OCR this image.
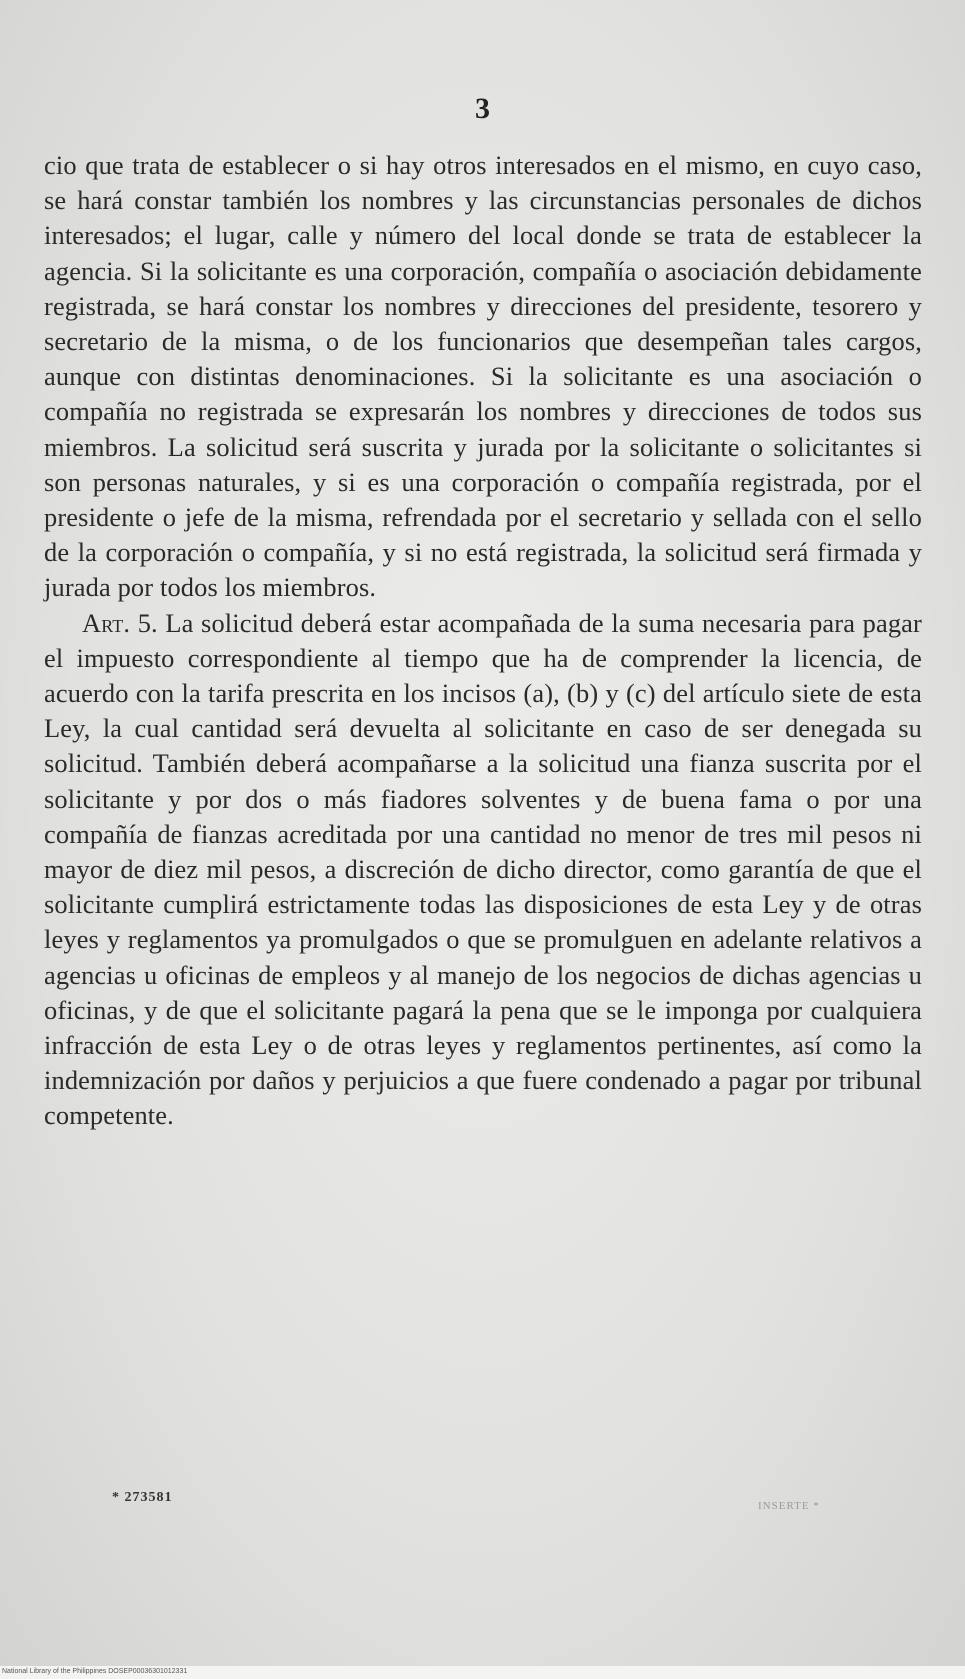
3

cio que trata de establecer o si hay otros interesados en el mismo, en cuyo caso, se hará constar también los nombres y las circunstancias personales de dichos interesados; el lugar, calle y número del local donde se trata de establecer la agencia. Si la solicitante es una corporación, compañía o asociación debidamente registrada, se hará constar los nombres y direcciones del presidente, tesorero y secretario de la misma, o de los funcionarios que desempeñan tales cargos, aunque con distintas denominaciones. Si la solicitante es una asociación o compañía no registrada se expresarán los nombres y direcciones de todos sus miembros. La solicitud será suscrita y jurada por la solicitante o solicitantes si son personas naturales, y si es una corporación o compañía registrada, por el presidente o jefe de la misma, refrendada por el secretario y sellada con el sello de la corporación o compañía, y si no está registrada, la solicitud será firmada y jurada por todos los miembros.

Art. 5. La solicitud deberá estar acompañada de la suma necesaria para pagar el impuesto correspondiente al tiempo que ha de comprender la licencia, de acuerdo con la tarifa prescrita en los incisos (a), (b) y (c) del artículo siete de esta Ley, la cual cantidad será devuelta al solicitante en caso de ser denegada su solicitud. También deberá acompañarse a la solicitud una fianza suscrita por el solicitante y por dos o más fiadores solventes y de buena fama o por una compañía de fianzas acreditada por una cantidad no menor de tres mil pesos ni mayor de diez mil pesos, a discreción de dicho director, como garantía de que el solicitante cumplirá estrictamente todas las disposiciones de esta Ley y de otras leyes y reglamentos ya promulgados o que se promulguen en adelante relativos a agencias u oficinas de empleos y al manejo de los negocios de dichas agencias u oficinas, y de que el solicitante pagará la pena que se le imponga por cualquiera infracción de esta Ley o de otras leyes y reglamentos pertinentes, así como la indemnización por daños y perjuicios a que fuere condenado a pagar por tribunal competente.

* 273581
INSERTE *
National Library of the Philippines DOSEP00036301012331
